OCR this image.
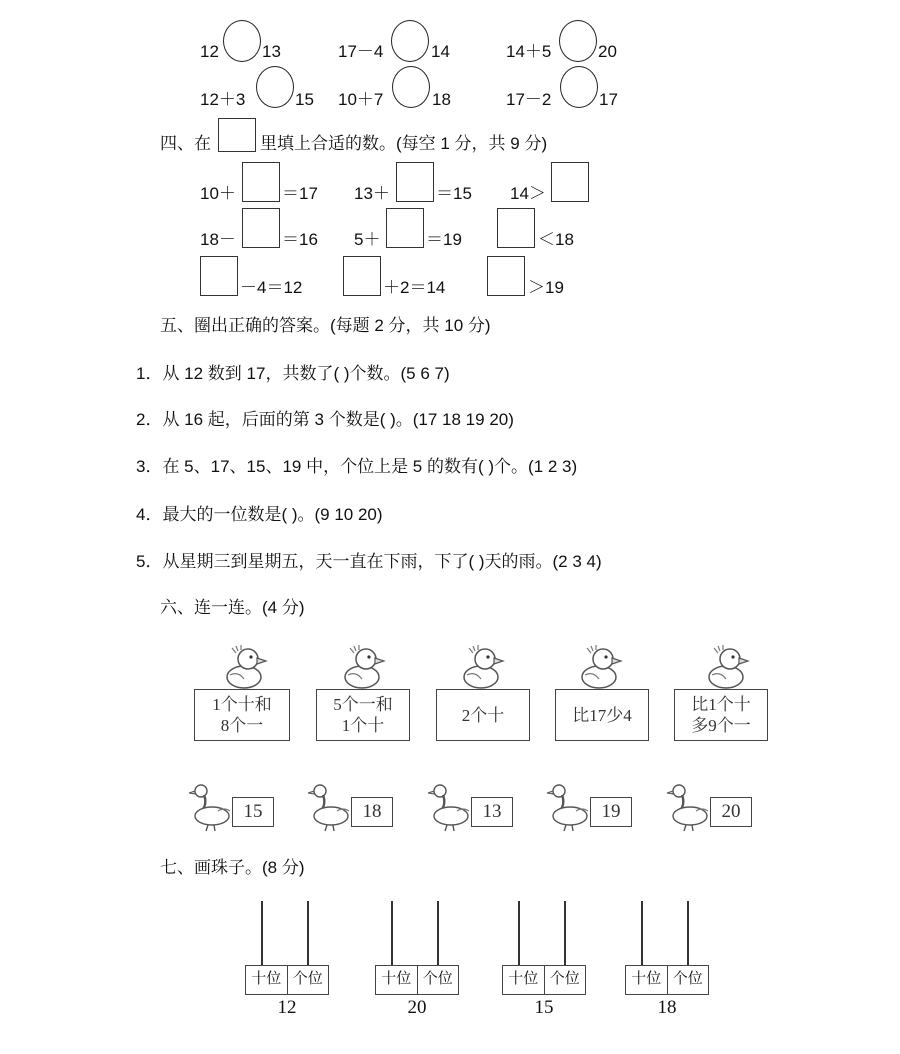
12	13	17－4	14	14＋5	20
12＋3	15 10＋7	18	17－2	17
四、在	里填上合适的数。(每空 1 分，共 9 分)
10＋	＝17 13＋	＝15 14＞
18－	＝16 5＋	＝19	＜18
－4＝12	＋2＝14	＞19
五、圈出正确的答案。(每题 2 分，共 10 分)
1．从 12 数到 17，共数了( )个数。(5 6 7)
2．从 16 起，后面的第 3 个数是( )。(17 18 19 20)
3．在 5、17、15、19 中，个位上是 5 的数有( )个。(1 2 3)
4．最大的一位数是( )。(9 10 20)
5．从星期三到星期五，天一直在下雨，下了( )天的雨。(2 3 4)
六、连一连。(4 分)
1个十和
8个一
5个一和
1个十
2个十	比17少4
比1个十
多9个一
15	18	13	19	20
七、画珠子。(8 分)
十位 个位
12
十位 个位
20
十位 个位
15
十位 个位
18
